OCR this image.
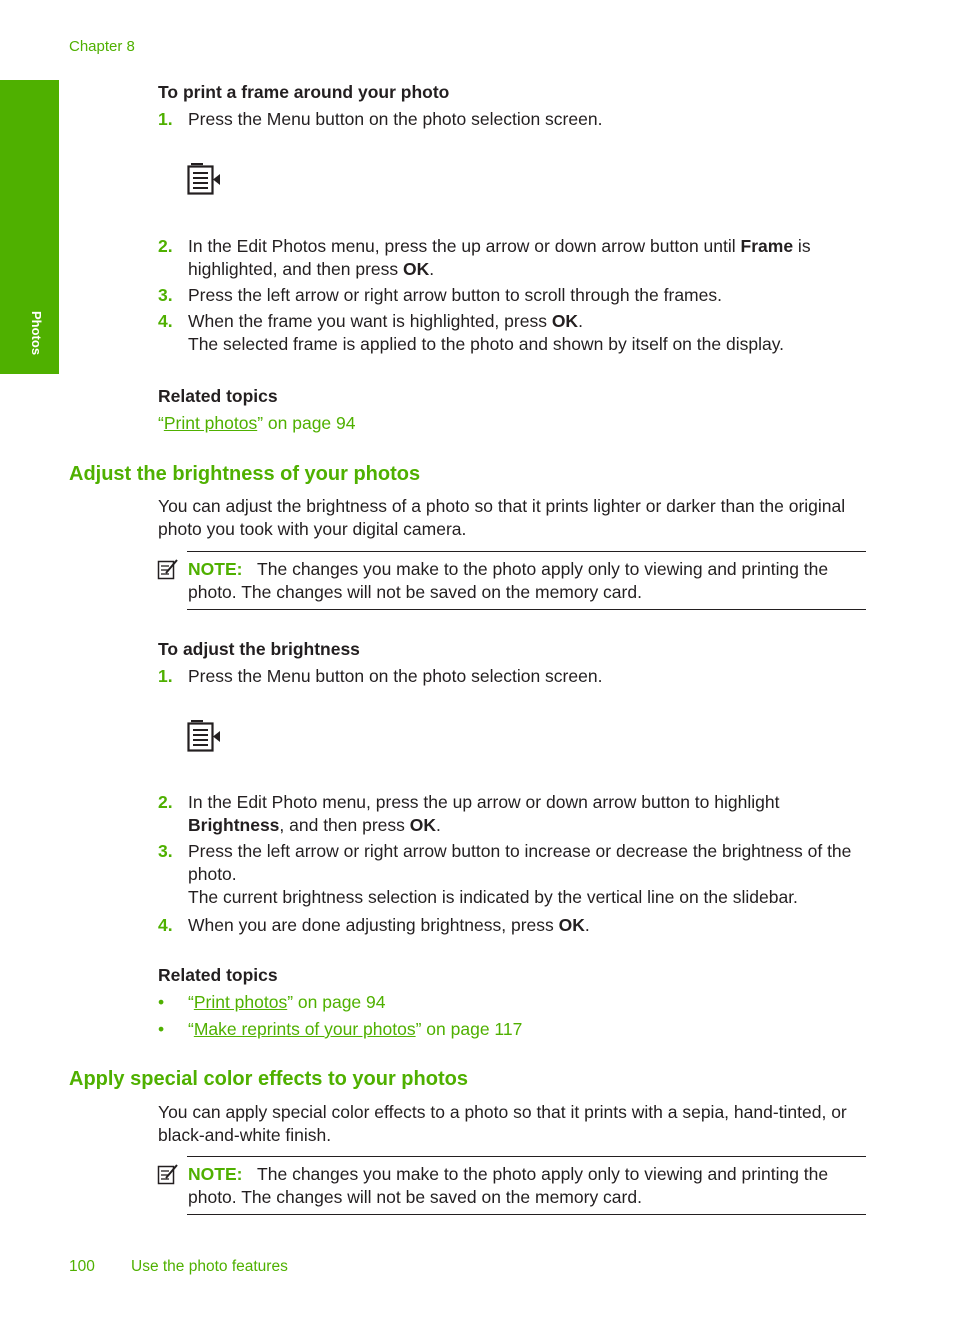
Chapter 8
Photos
To print a frame around your photo
1. Press the Menu button on the photo selection screen.
2. In the Edit Photos menu, press the up arrow or down arrow button until Frame is highlighted, and then press OK.
3. Press the left arrow or right arrow button to scroll through the frames.
4. When the frame you want is highlighted, press OK.
The selected frame is applied to the photo and shown by itself on the display.
Related topics
“Print photos” on page 94
Adjust the brightness of your photos
You can adjust the brightness of a photo so that it prints lighter or darker than the original photo you took with your digital camera.
NOTE: The changes you make to the photo apply only to viewing and printing the photo. The changes will not be saved on the memory card.
To adjust the brightness
1. Press the Menu button on the photo selection screen.
2. In the Edit Photo menu, press the up arrow or down arrow button to highlight
Brightness, and then press OK.
3. Press the left arrow or right arrow button to increase or decrease the brightness of the photo.
The current brightness selection is indicated by the vertical line on the slidebar.
4. When you are done adjusting brightness, press OK.
Related topics
• “Print photos” on page 94
• “Make reprints of your photos” on page 117
Apply special color effects to your photos
You can apply special color effects to a photo so that it prints with a sepia, hand-tinted, or black-and-white finish.
NOTE: The changes you make to the photo apply only to viewing and printing the photo. The changes will not be saved on the memory card.
100 Use the photo features
